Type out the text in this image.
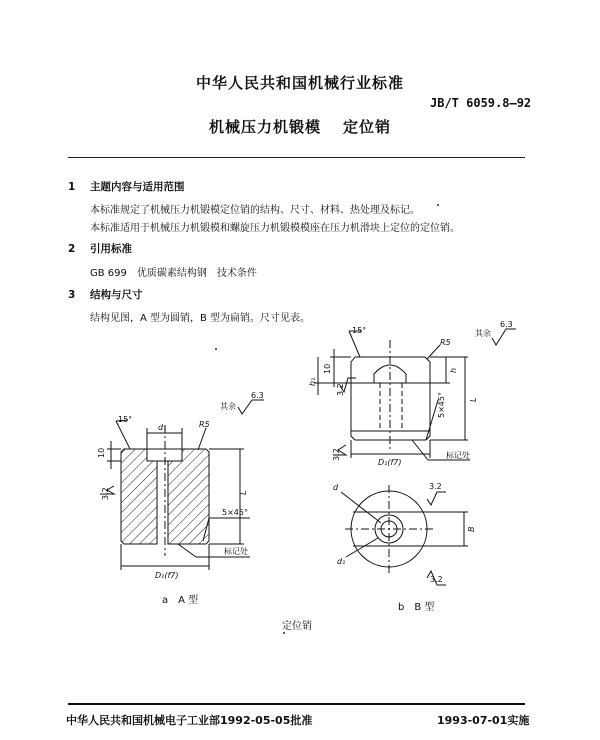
中华人民共和国机械行业标准
JB/T 6059.8—92
机械压力机锻模 定位销
1 主题内容与适用范围
本标准规定了机械压力机锻模定位销的结构、尺寸、材料、热处理及标记。
本标准适用于机械压力机锻模和螺旋压力机锻模模座在压力机滑块上定位的定位销。
2 引用标准
GB 699　优质碳素结构钢　技术条件
3 结构与尺寸
结构见图，A 型为圆销，B 型为扁销。尺寸见表。
15°
d₁	R5
10
其余
6.3
3.2
5×45°
L
D₁(f7)
标记处
15°
R5
10
h₁
3.2
h
L
5×45°
3.2
D₁(f7)
标记处
其余
6.3
d
d₁
B
3.2
3.2
a　A 型
b　B 型
定位销
中华人民共和国机械电子工业部1992-05-05批准	1993-07-01实施
